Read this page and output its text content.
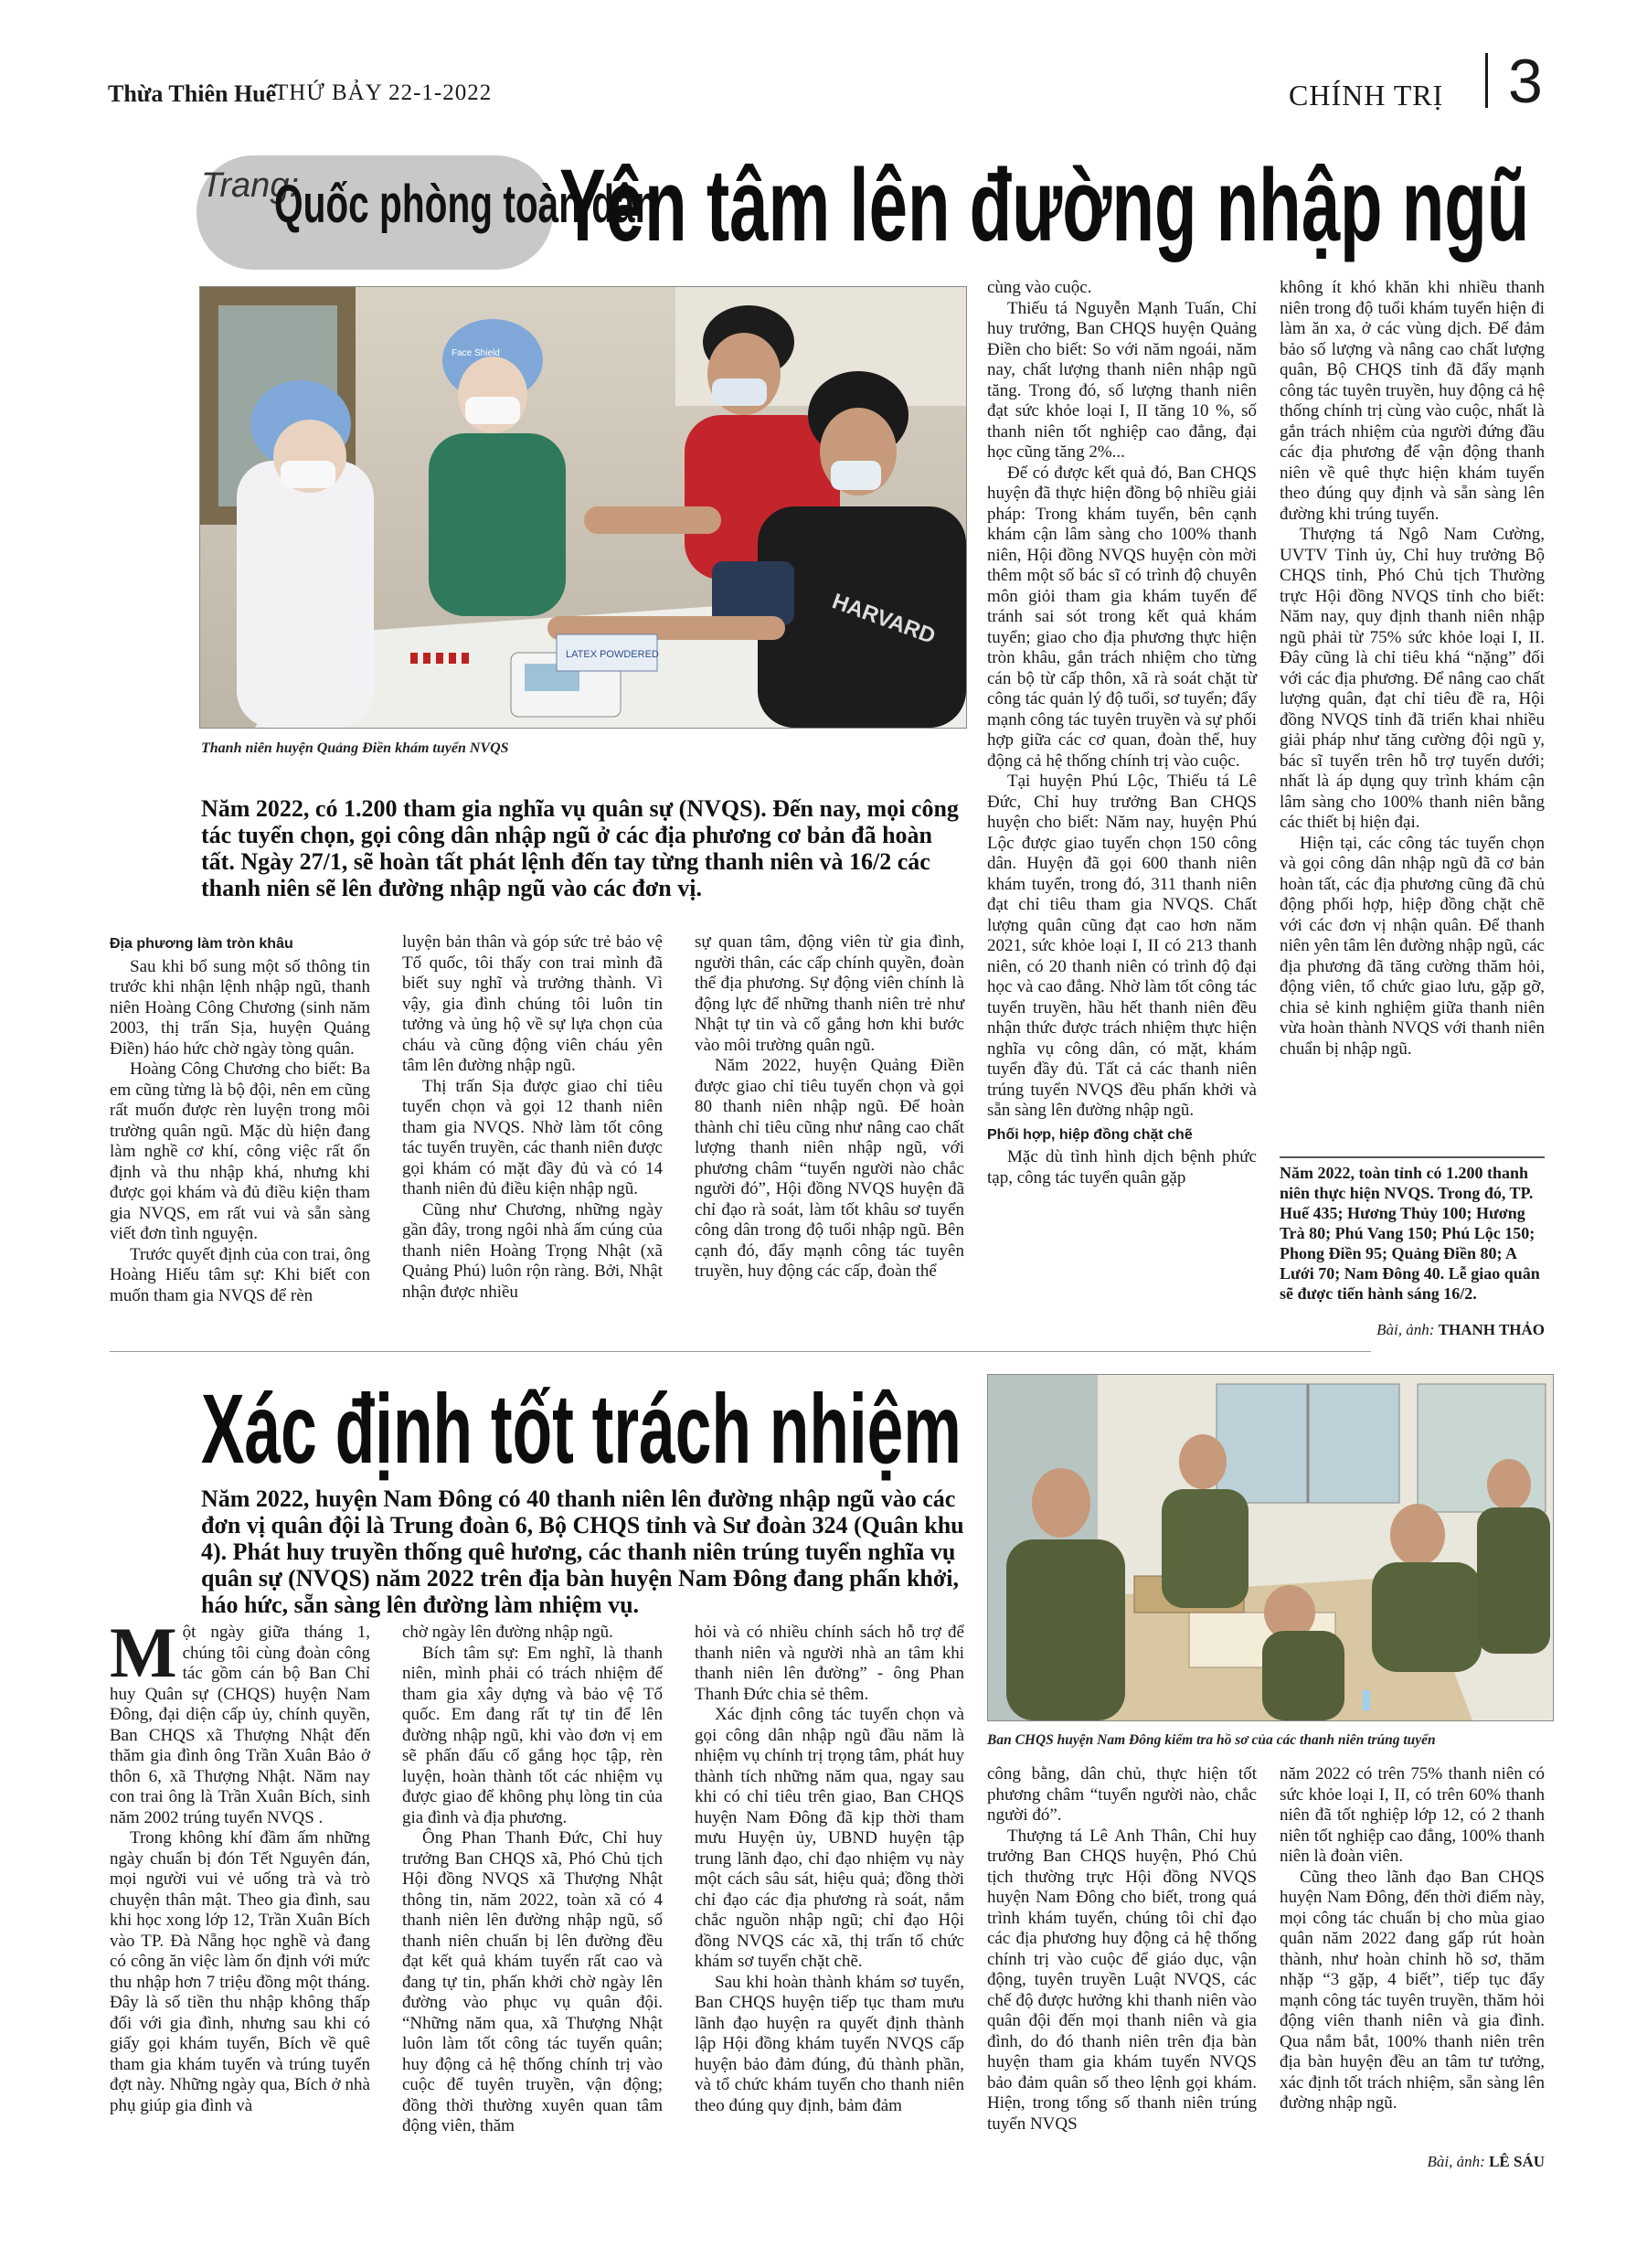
Thừa Thiên Huế
THỨ BẢY 22-1-2022	CHÍNH TRỊ 3
Trang:
Quốc phòng toàn dân
Yên tâm lên đường nhập ngũ
HARVARD
LATEX POWDERED
Face Shield
Thanh niên huyện Quảng Điền khám tuyển NVQS
Năm 2022, có 1.200 tham gia nghĩa vụ quân sự (NVQS). Đến nay, mọi công tác tuyển chọn, gọi công dân nhập ngũ ở các địa phương cơ bản đã hoàn tất. Ngày 27/1, sẽ hoàn tất phát lệnh đến tay từng thanh niên và 16/2 các thanh niên sẽ lên đường nhập ngũ vào các đơn vị.
Địa phương làm tròn khâu

Sau khi bổ sung một số thông tin trước khi nhận lệnh nhập ngũ, thanh niên Hoàng Công Chương (sinh năm 2003, thị trấn Sịa, huyện Quảng Điền) háo hức chờ ngày tòng quân.

Hoàng Công Chương cho biết: Ba em cũng từng là bộ đội, nên em cũng rất muốn được rèn luyện trong môi trường quân ngũ. Mặc dù hiện đang làm nghề cơ khí, công việc rất ổn định và thu nhập khá, nhưng khi được gọi khám và đủ điều kiện tham gia NVQS, em rất vui và sẵn sàng viết đơn tình nguyện.

Trước quyết định của con trai, ông Hoàng Hiếu tâm sự: Khi biết con muốn tham gia NVQS để rèn

luyện bản thân và góp sức trẻ bảo vệ Tổ quốc, tôi thấy con trai mình đã biết suy nghĩ và trưởng thành. Vì vậy, gia đình chúng tôi luôn tin tưởng và ủng hộ về sự lựa chọn của cháu và cũng động viên cháu yên tâm lên đường nhập ngũ.

Thị trấn Sịa được giao chỉ tiêu tuyển chọn và gọi 12 thanh niên tham gia NVQS. Nhờ làm tốt công tác tuyển truyền, các thanh niên được gọi khám có mặt đầy đủ và có 14 thanh niên đủ điều kiện nhập ngũ.

Cũng như Chương, những ngày gần đây, trong ngôi nhà ấm cúng của thanh niên Hoàng Trọng Nhật (xã Quảng Phú) luôn rộn ràng. Bởi, Nhật nhận được nhiều

sự quan tâm, động viên từ gia đình, người thân, các cấp chính quyền, đoàn thể địa phương. Sự động viên chính là động lực để những thanh niên trẻ như Nhật tự tin và cố gắng hơn khi bước vào môi trường quân ngũ.

Năm 2022, huyện Quảng Điền được giao chỉ tiêu tuyển chọn và gọi 80 thanh niên nhập ngũ. Để hoàn thành chỉ tiêu cũng như nâng cao chất lượng thanh niên nhập ngũ, với phương châm “tuyển người nào chắc người đó”, Hội đồng NVQS huyện đã chỉ đạo rà soát, làm tốt khâu sơ tuyển công dân trong độ tuổi nhập ngũ. Bên cạnh đó, đẩy mạnh công tác tuyên truyền, huy động các cấp, đoàn thể

cùng vào cuộc.

Thiếu tá Nguyễn Mạnh Tuấn, Chỉ huy trưởng, Ban CHQS huyện Quảng Điền cho biết: So với năm ngoái, năm nay, chất lượng thanh niên nhập ngũ tăng. Trong đó, số lượng thanh niên đạt sức khỏe loại I, II tăng 10 %, số thanh niên tốt nghiệp cao đẳng, đại học cũng tăng 2%...

Để có được kết quả đó, Ban CHQS huyện đã thực hiện đồng bộ nhiều giải pháp: Trong khám tuyển, bên cạnh khám cận lâm sàng cho 100% thanh niên, Hội đồng NVQS huyện còn mời thêm một số bác sĩ có trình độ chuyên môn giỏi tham gia khám tuyển để tránh sai sót trong kết quả khám tuyển; giao cho địa phương thực hiện tròn khâu, gắn trách nhiệm cho từng cán bộ từ cấp thôn, xã rà soát chặt từ công tác quản lý độ tuổi, sơ tuyển; đẩy mạnh công tác tuyên truyền và sự phối hợp giữa các cơ quan, đoàn thể, huy động cả hệ thống chính trị vào cuộc.

Tại huyện Phú Lộc, Thiếu tá Lê Đức, Chỉ huy trưởng Ban CHQS huyện cho biết: Năm nay, huyện Phú Lộc được giao tuyển chọn 150 công dân. Huyện đã gọi 600 thanh niên khám tuyển, trong đó, 311 thanh niên đạt chỉ tiêu tham gia NVQS. Chất lượng quân cũng đạt cao hơn năm 2021, sức khỏe loại I, II có 213 thanh niên, có 20 thanh niên có trình độ đại học và cao đẳng. Nhờ làm tốt công tác tuyển truyền, hầu hết thanh niên đều nhận thức được trách nhiệm thực hiện nghĩa vụ công dân, có mặt, khám tuyển đầy đủ. Tất cả các thanh niên trúng tuyển NVQS đều phấn khởi và sẵn sàng lên đường nhập ngũ.

Phối hợp, hiệp đồng chặt chẽ

Mặc dù tình hình dịch bệnh phức tạp, công tác tuyển quân gặp

không ít khó khăn khi nhiều thanh niên trong độ tuổi khám tuyển hiện đi làm ăn xa, ở các vùng dịch. Để đảm bảo số lượng và nâng cao chất lượng quân, Bộ CHQS tỉnh đã đẩy mạnh công tác tuyên truyền, huy động cả hệ thống chính trị cùng vào cuộc, nhất là gắn trách nhiệm của người đứng đầu các địa phương để vận động thanh niên về quê thực hiện khám tuyển theo đúng quy định và sẵn sàng lên đường khi trúng tuyển.

Thượng tá Ngô Nam Cường, UVTV Tỉnh ủy, Chỉ huy trưởng Bộ CHQS tỉnh, Phó Chủ tịch Thường trực Hội đồng NVQS tỉnh cho biết: Năm nay, quy định thanh niên nhập ngũ phải từ 75% sức khỏe loại I, II. Đây cũng là chỉ tiêu khá “nặng” đối với các địa phương. Để nâng cao chất lượng quân, đạt chỉ tiêu đề ra, Hội đồng NVQS tỉnh đã triển khai nhiều giải pháp như tăng cường đội ngũ y, bác sĩ tuyến trên hỗ trợ tuyến dưới; nhất là áp dụng quy trình khám cận lâm sàng cho 100% thanh niên bằng các thiết bị hiện đại.

Hiện tại, các công tác tuyển chọn và gọi công dân nhập ngũ đã cơ bản hoàn tất, các địa phương cũng đã chủ động phối hợp, hiệp đồng chặt chẽ với các đơn vị nhận quân. Để thanh niên yên tâm lên đường nhập ngũ, các địa phương đã tăng cường thăm hỏi, động viên, tổ chức giao lưu, gặp gỡ, chia sẻ kinh nghiệm giữa thanh niên vừa hoàn thành NVQS với thanh niên chuẩn bị nhập ngũ.

Năm 2022, toàn tỉnh có 1.200 thanh niên thực hiện NVQS. Trong đó, TP. Huế 435; Hương Thủy 100; Hương Trà 80; Phú Vang 150; Phú Lộc 150; Phong Điền 95; Quảng Điền 80; A Lưới 70; Nam Đông 40. Lễ giao quân sẽ được tiến hành sáng 16/2.
Bài, ảnh: THANH THẢO
Xác định tốt trách nhiệm
Năm 2022, huyện Nam Đông có 40 thanh niên lên đường nhập ngũ vào các đơn vị quân đội là Trung đoàn 6, Bộ CHQS tỉnh và Sư đoàn 324 (Quân khu 4). Phát huy truyền thống quê hương, các thanh niên trúng tuyển nghĩa vụ quân sự (NVQS) năm 2022 trên địa bàn huyện Nam Đông đang phấn khởi, háo hức, sẵn sàng lên đường làm nhiệm vụ.
Ban CHQS huyện Nam Đông kiểm tra hồ sơ của các thanh niên trúng tuyển
M ột ngày giữa tháng 1, chúng tôi cùng đoàn công tác gồm cán bộ Ban Chỉ huy Quân sự (CHQS) huyện Nam Đông, đại diện cấp ủy, chính quyền, Ban CHQS xã Thượng Nhật đến thăm gia đình ông Trần Xuân Bảo ở thôn 6, xã Thượng Nhật. Năm nay con trai ông là Trần Xuân Bích, sinh năm 2002 trúng tuyển NVQS .

Trong không khí đầm ấm những ngày chuẩn bị đón Tết Nguyên đán, mọi người vui vẻ uống trà và trò chuyện thân mật. Theo gia đình, sau khi học xong lớp 12, Trần Xuân Bích vào TP. Đà Nẵng học nghề và đang có công ăn việc làm ổn định với mức thu nhập hơn 7 triệu đồng một tháng. Đây là số tiền thu nhập không thấp đối với gia đình, nhưng sau khi có giấy gọi khám tuyển, Bích về quê tham gia khám tuyển và trúng tuyển đợt này. Những ngày qua, Bích ở nhà phụ giúp gia đình và

chờ ngày lên đường nhập ngũ.

Bích tâm sự: Em nghĩ, là thanh niên, mình phải có trách nhiệm để tham gia xây dựng và bảo vệ Tổ quốc. Em đang rất tự tin để lên đường nhập ngũ, khi vào đơn vị em sẽ phấn đấu cố gắng học tập, rèn luyện, hoàn thành tốt các nhiệm vụ được giao để không phụ lòng tin của gia đình và địa phương.

Ông Phan Thanh Đức, Chỉ huy trưởng Ban CHQS xã, Phó Chủ tịch Hội đồng NVQS xã Thượng Nhật thông tin, năm 2022, toàn xã có 4 thanh niên lên đường nhập ngũ, số thanh niên chuẩn bị lên đường đều đạt kết quả khám tuyển rất cao và đang tự tin, phấn khởi chờ ngày lên đường vào phục vụ quân đội. “Những năm qua, xã Thượng Nhật luôn làm tốt công tác tuyển quân; huy động cả hệ thống chính trị vào cuộc để tuyên truyền, vận động; đồng thời thường xuyên quan tâm động viên, thăm

hỏi và có nhiều chính sách hỗ trợ để thanh niên và người nhà an tâm khi thanh niên lên đường” - ông Phan Thanh Đức chia sẻ thêm.

Xác định công tác tuyển chọn và gọi công dân nhập ngũ đầu năm là nhiệm vụ chính trị trọng tâm, phát huy thành tích những năm qua, ngay sau khi có chỉ tiêu trên giao, Ban CHQS huyện Nam Đông đã kịp thời tham mưu Huyện ủy, UBND huyện tập trung lãnh đạo, chỉ đạo nhiệm vụ này một cách sâu sát, hiệu quả; đồng thời chỉ đạo các địa phương rà soát, nắm chắc nguồn nhập ngũ; chỉ đạo Hội đồng NVQS các xã, thị trấn tổ chức khám sơ tuyển chặt chẽ.

Sau khi hoàn thành khám sơ tuyển, Ban CHQS huyện tiếp tục tham mưu lãnh đạo huyện ra quyết định thành lập Hội đồng khám tuyển NVQS cấp huyện bảo đảm đúng, đủ thành phần, và tổ chức khám tuyển cho thanh niên theo đúng quy định, bảm đảm

công bằng, dân chủ, thực hiện tốt phương châm “tuyển người nào, chắc người đó”.

Thượng tá Lê Anh Thân, Chỉ huy trưởng Ban CHQS huyện, Phó Chủ tịch thường trực Hội đồng NVQS huyện Nam Đông cho biết, trong quá trình khám tuyển, chúng tôi chỉ đạo các địa phương huy động cả hệ thống chính trị vào cuộc để giáo dục, vận động, tuyên truyền Luật NVQS, các chế độ được hưởng khi thanh niên vào quân đội đến mọi thanh niên và gia đình, do đó thanh niên trên địa bàn huyện tham gia khám tuyển NVQS bảo đảm quân số theo lệnh gọi khám. Hiện, trong tổng số thanh niên trúng tuyển NVQS

năm 2022 có trên 75% thanh niên có sức khỏe loại I, II, có trên 60% thanh niên đã tốt nghiệp lớp 12, có 2 thanh niên tốt nghiệp cao đẳng, 100% thanh niên là đoàn viên.

Cũng theo lãnh đạo Ban CHQS huyện Nam Đông, đến thời điểm này, mọi công tác chuẩn bị cho mùa giao quân năm 2022 đang gấp rút hoàn thành, như hoàn chỉnh hồ sơ, thăm nhặp “3 gặp, 4 biết”, tiếp tục đẩy mạnh công tác tuyên truyền, thăm hỏi động viên thanh niên và gia đình. Qua nắm bắt, 100% thanh niên trên địa bàn huyện đều an tâm tư tưởng, xác định tốt trách nhiệm, sẵn sàng lên đường nhập ngũ.

Bài, ảnh: LÊ SÁU
